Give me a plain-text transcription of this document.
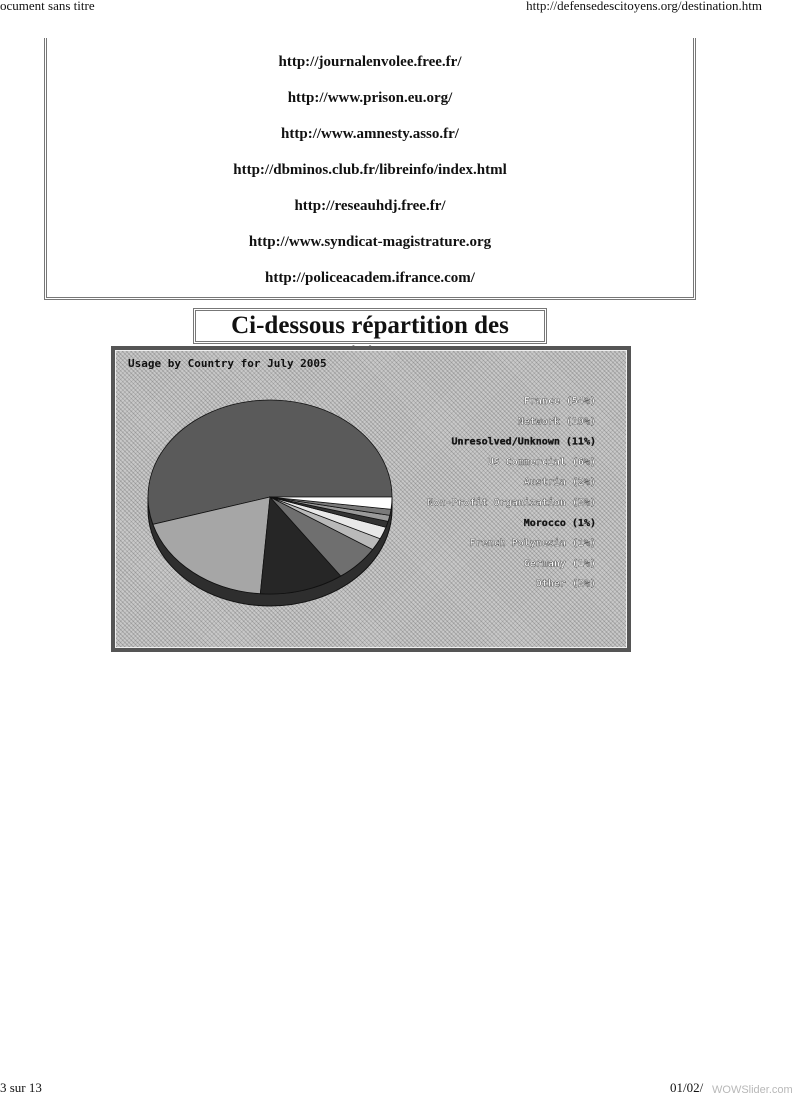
ocument sans titre	http://defensedescitoyens.org/destination.htm
http://journalenvolee.free.fr/
http://www.prison.eu.org/
http://www.amnesty.asso.fr/
http://dbminos.club.fr/libreinfo/index.html
http://reseauhdj.free.fr/
http://www.syndicat-magistrature.org
http://policeacadem.ifrance.com/
Ci-dessous répartition des
Usage by Country for July 2005
France (54%)
Network (19%)
Unresolved/Unknown (11%)
US Commercial (6%)
Austria (2%)
Non-Profit Organization (2%)
Morocco (1%)
French Polynesia (1%)
Germany (1%)
Other (2%)
3 sur 13	01/02/ WOWSlider.com
